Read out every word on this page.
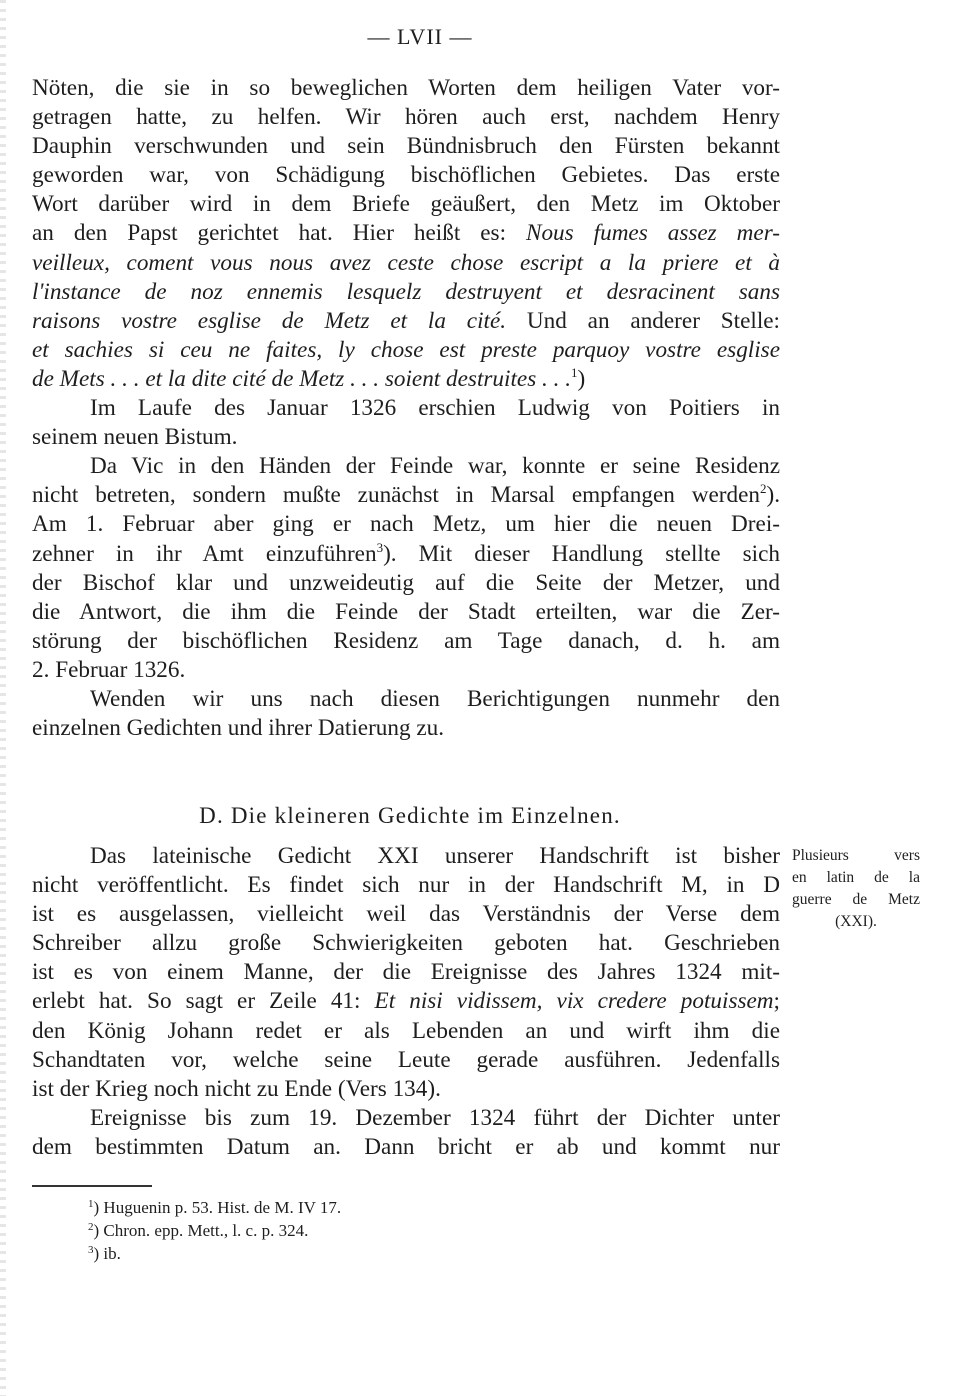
— LVII —

Nöten, die sie in so beweglichen Worten dem heiligen Vater vor-
getragen hatte, zu helfen. Wir hören auch erst, nachdem Henry
Dauphin verschwunden und sein Bündnisbruch den Fürsten bekannt
geworden war, von Schädigung bischöflichen Gebietes. Das erste
Wort darüber wird in dem Briefe geäußert, den Metz im Oktober
an den Papst gerichtet hat. Hier heißt es: Nous fumes assez mer-
veilleux, coment vous nous avez ceste chose escript a la priere et à
l'instance de noz ennemis lesquelz destruyent et desracinent sans
raisons vostre esglise de Metz et la cité. Und an anderer Stelle:
et sachies si ceu ne faites, ly chose est preste parquoy vostre esglise
de Mets . . . et la dite cité de Metz . . . soient destruites . . .$^1$)

Im Laufe des Januar 1326 erschien Ludwig von Poitiers in
seinem neuen Bistum.

Da Vic in den Händen der Feinde war, konnte er seine Residenz
nicht betreten, sondern mußte zunächst in Marsal empfangen werden$^2$).
Am 1. Februar aber ging er nach Metz, um hier die neuen Drei-
zehner in ihr Amt einzuführen$^3$). Mit dieser Handlung stellte sich
der Bischof klar und unzweideutig auf die Seite der Metzer, und
die Antwort, die ihm die Feinde der Stadt erteilten, war die Zer-
störung der bischöflichen Residenz am Tage danach, d. h. am
2. Februar 1326.

Wenden wir uns nach diesen Berichtigungen nunmehr den
einzelnen Gedichten und ihrer Datierung zu.

D. Die kleineren Gedichte im Einzelnen.

Das lateinische Gedicht XXI unserer Handschrift ist bisher
nicht veröffentlicht. Es findet sich nur in der Handschrift M, in D
ist es ausgelassen, vielleicht weil das Verständnis der Verse dem
Schreiber allzu große Schwierigkeiten geboten hat. Geschrieben
ist es von einem Manne, der die Ereignisse des Jahres 1324 mit-
erlebt hat. So sagt er Zeile 41: Et nisi vidissem, vix credere potuissem;
den König Johann redet er als Lebenden an und wirft ihm die
Schandtaten vor, welche seine Leute gerade ausführen. Jedenfalls
ist der Krieg noch nicht zu Ende (Vers 134).

Ereignisse bis zum 19. Dezember 1324 führt der Dichter unter
dem bestimmten Datum an. Dann bricht er ab und kommt nur

Plusieurs vers
en latin de la
guerre de Metz
(XXI).
$^1$) Huguenin p. 53. Hist. de M. IV 17.
$^2$) Chron. epp. Mett., l. c. p. 324.
$^3$) ib.
